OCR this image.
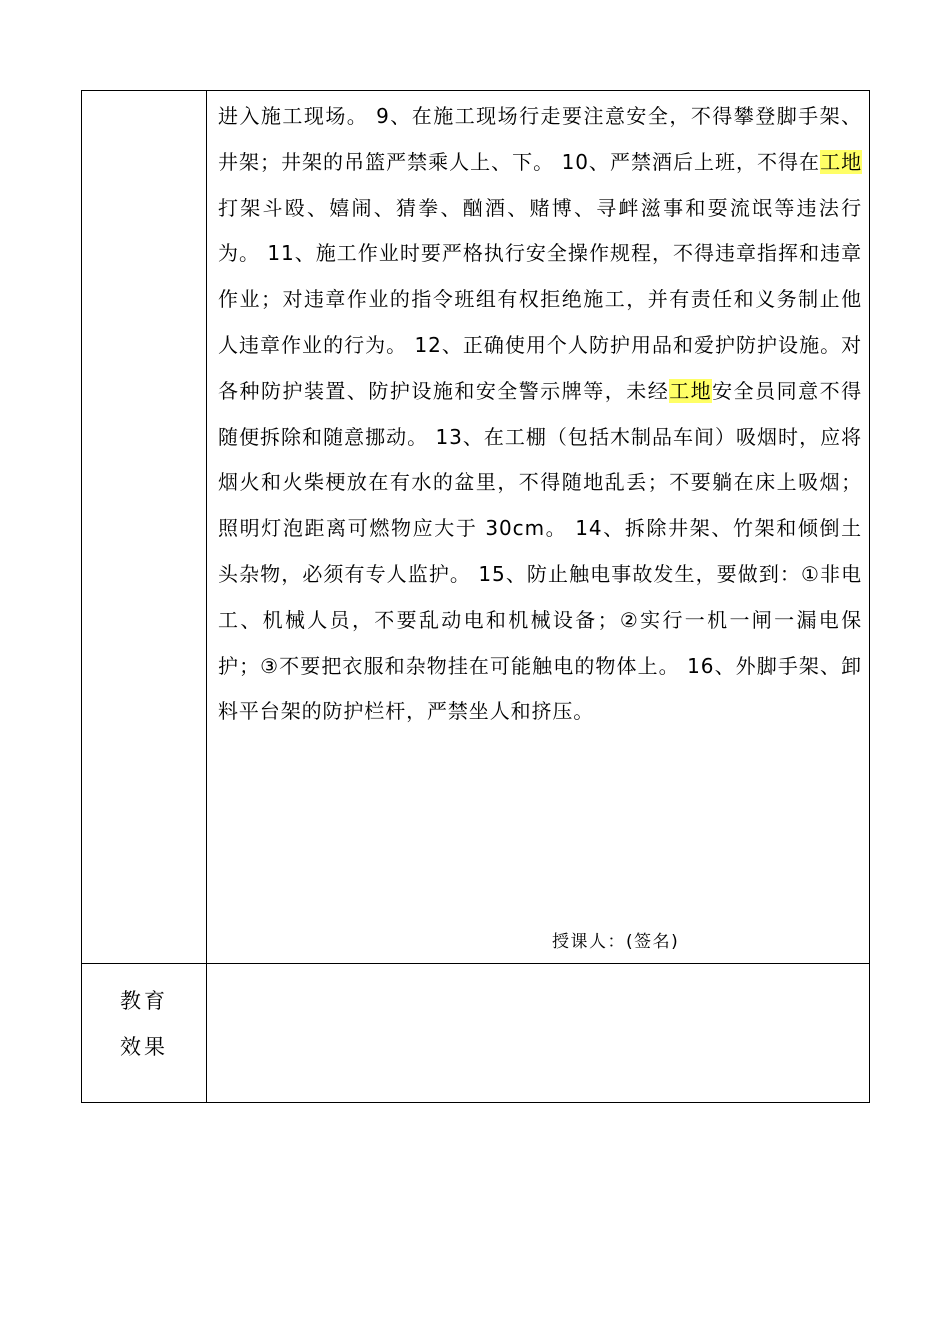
	进入施工现场。 9、在施工现场行走要注意安全，不得攀登脚手架、井架；井架的吊篮严禁乘人上、下。 10、严禁酒后上班，不得在工地打架斗殴、嬉闹、猜拳、酗酒、赌博、寻衅滋事和耍流氓等违法行为。 11、施工作业时要严格执行安全操作规程，不得违章指挥和违章作业；对违章作业的指令班组有权拒绝施工，并有责任和义务制止他人违章作业的行为。 12、正确使用个人防护用品和爱护防护设施。对各种防护装置、防护设施和安全警示牌等，未经工地安全员同意不得随便拆除和随意挪动。 13、在工棚（包括木制品车间）吸烟时，应将烟火和火柴梗放在有水的盆里，不得随地乱丢；不要躺在床上吸烟；照明灯泡距离可燃物应大于 30cm。 14、拆除井架、竹架和倾倒土头杂物，必须有专人监护。 15、防止触电事故发生，要做到：①非电工、机械人员，不要乱动电和机械设备；②实行一机一闸一漏电保护；③不要把衣服和杂物挂在可能触电的物体上。 16、外脚手架、卸料平台架的防护栏杆，严禁坐人和挤压。
授课人：(签名)

教育效果	
